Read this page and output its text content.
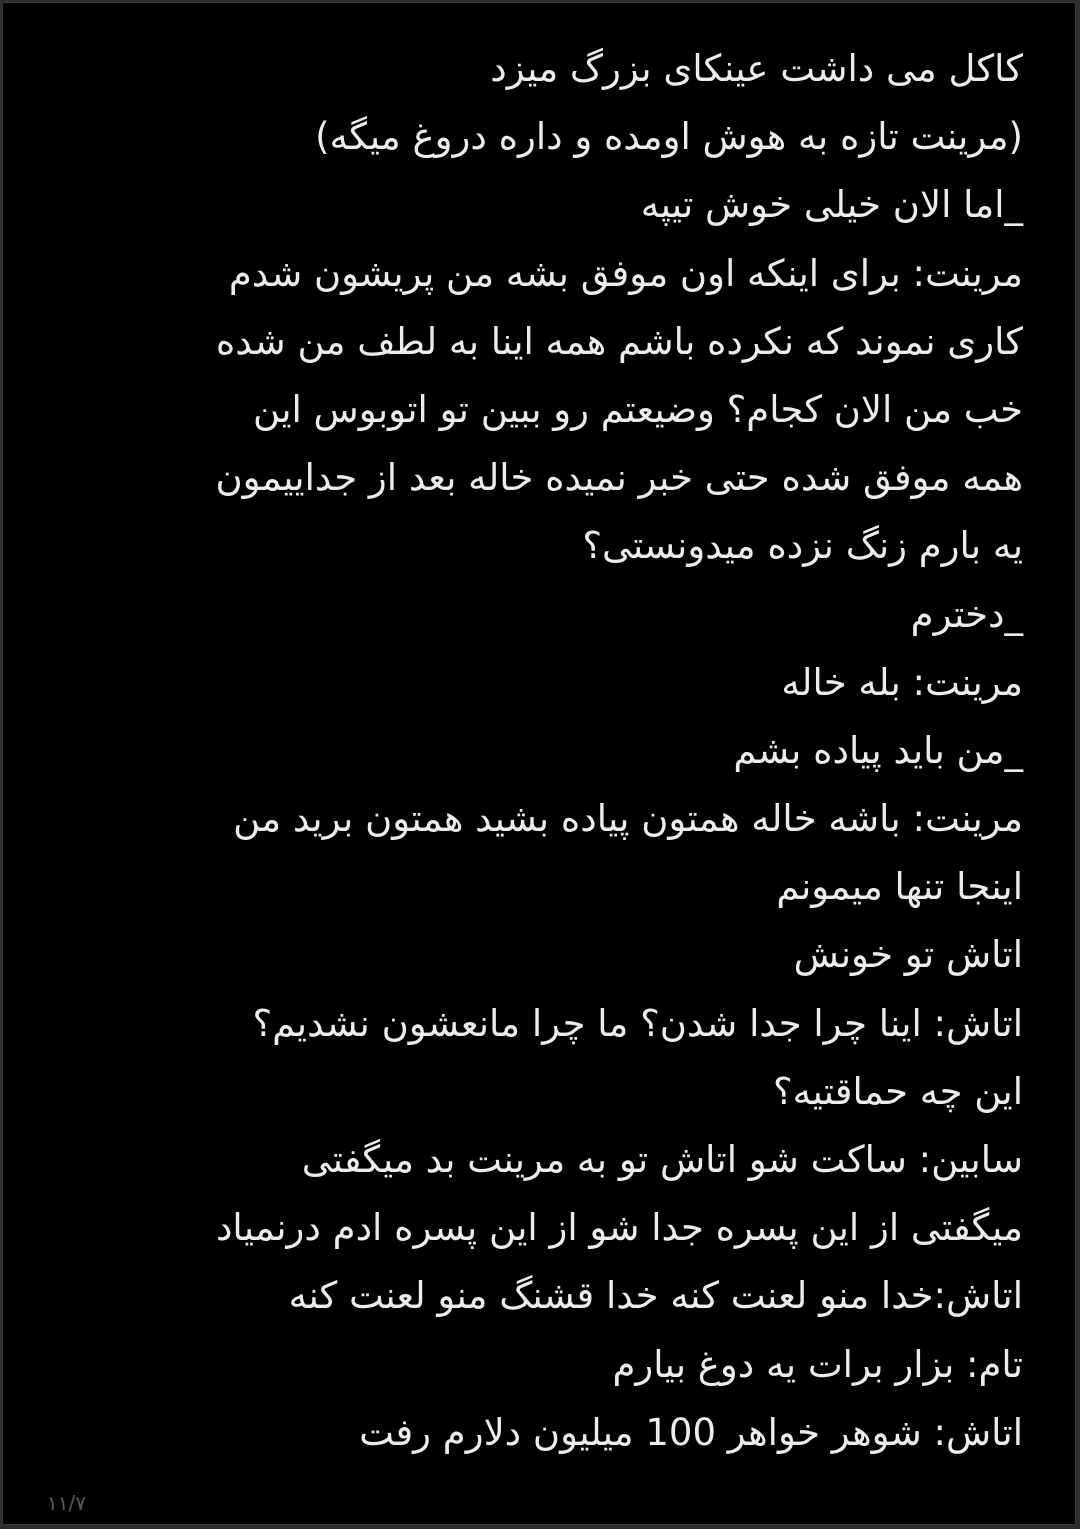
کاکل می داشت عینکای بزرگ میزد
(مرینت تازه به هوش اومده و داره دروغ میگه)
_اما الان خیلی خوش تیپه
مرینت: برای اینکه اون موفق بشه من پریشون شدم
کاری نموند که نکرده باشم همه اینا به لطف من شده
خب من الان کجام؟ وضیعتم رو ببین تو اتوبوس این
همه موفق شده حتی خبر نمیده خاله بعد از جداییمون
یه بارم زنگ نزده میدونستی؟
_دخترم
مرینت: بله خاله
_من باید پیاده بشم
مرینت: باشه خاله همتون پیاده بشید همتون برید من
اینجا تنها میمونم
اتاش تو خونش
اتاش: اینا چرا جدا شدن؟ ما چرا مانعشون نشدیم؟
این چه حماقتیه؟
سابین: ساکت شو اتاش تو به مرینت بد میگفتی
میگفتی از این پسره جدا شو از این پسره ادم درنمیاد
اتاش:خدا منو لعنت کنه خدا قشنگ منو لعنت کنه
تام: بزار برات یه دوغ بیارم
اتاش: شوهر خواهر 100 میلیون دلارم رفت
۱۱/۷
